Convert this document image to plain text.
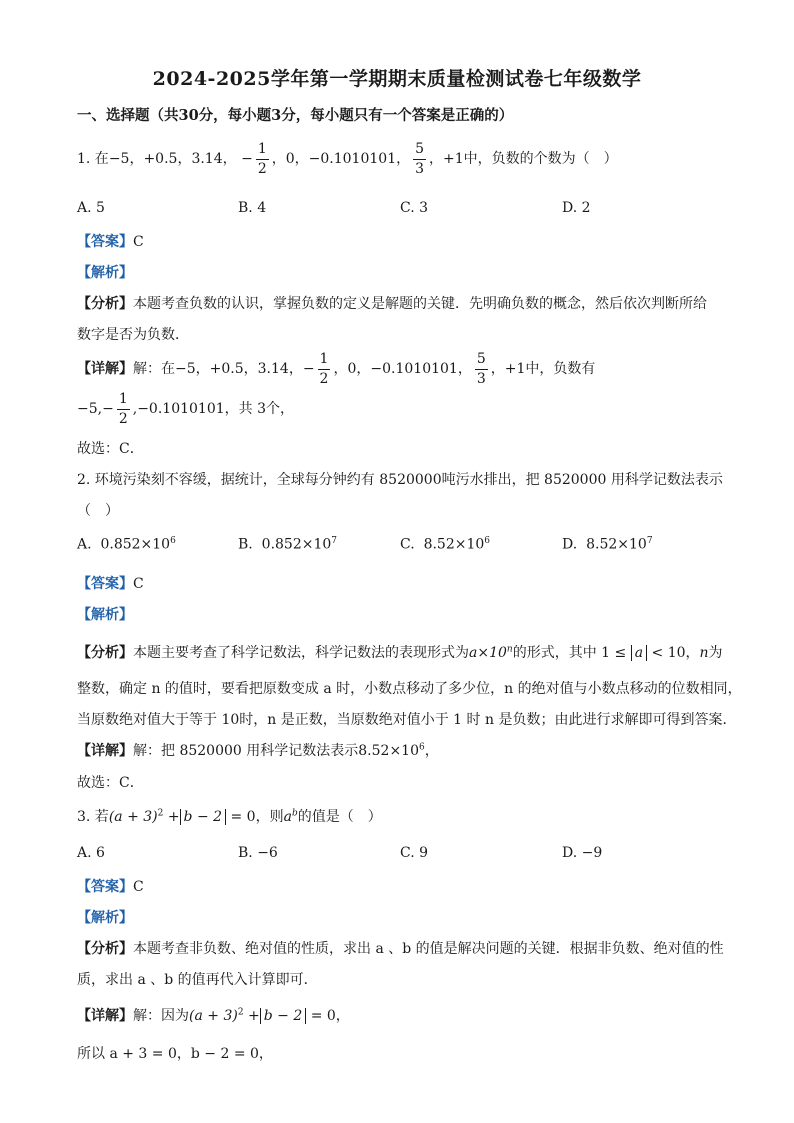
2024-2025学年第一学期期末质量检测试卷七年级数学
一、选择题（共30分，每小题3分，每小题只有一个答案是正确的）
1. 在−5，+0.5，3.14， − $\frac{1}{2}$ ，0，−0.1010101， $\frac{5}{3}$ ，+1中，负数的个数为（　）
A. 5	B. 4	C. 3	D. 2
【答案】C
【解析】
【分析】本题考查负数的认识，掌握负数的定义是解题的关键．先明确负数的概念，然后依次判断所给
数字是否为负数．
【详解】解：在−5，+0.5，3.14，− $\frac{1}{2}$ ，0，−0.1010101， $\frac{5}{3}$ ，+1中，负数有
$-5,- \frac{1}{2} ,-0.1010101$，共 3个，
故选：C．
2. 环境污染刻不容缓，据统计，全球每分钟约有 8520000吨污水排出，把 8520000 用科学记数法表示
（　）
A. $0.852\times 10^6$	B. $0.852\times 10^7$	C. $8.52\times 10^6$	D. $8.52\times 10^7$
【答案】C
【解析】
【分析】本题主要考查了科学记数法，科学记数法的表现形式为$a\times 10^n$的形式，其中 1 ≤ a < 10，n为
整数，确定 n 的值时，要看把原数变成 a 时，小数点移动了多少位，n 的绝对值与小数点移动的位数相同，
当原数绝对值大于等于 10时，n 是正数，当原数绝对值小于 1 时 n 是负数；由此进行求解即可得到答案．
【详解】解：把 8520000 用科学记数法表示$8.52\times 10^6$，
故选：C．
3. 若$(a + 3)^2 + b - 2 = 0$，则$a^b$的值是（　）
A. 6	B. −6	C. 9	D. −9
【答案】C
【解析】
【分析】本题考查非负数、绝对值的性质，求出 a 、b 的值是解决问题的关键．根据非负数、绝对值的性
质，求出 a 、b 的值再代入计算即可．
【详解】解：因为$(a + 3)^2 + b - 2 = 0$，
所以 a + 3 = 0，b − 2 = 0，
